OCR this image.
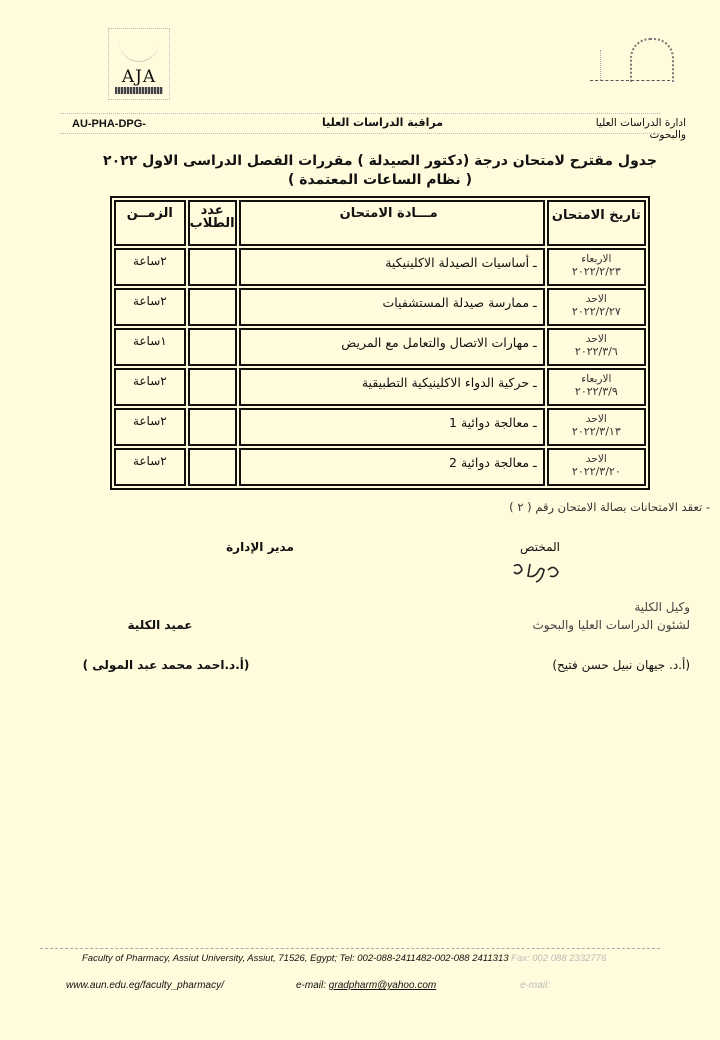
AJA
AU-PHA-DPG-	مراقبة الدراسات العليا	ادارة الدراسات العليا والبحوث
جدول مقترح لامتحان درجة (دكتور الصيدلة ) مقررات الفصل الدراسى الاول ٢٠٢٢
( نظام الساعات المعتمدة )
تاريخ الامتحان	مـــادة الامتحان	عدد الطلاب	الزمــن

الاربعاء
٢٠٢٢/٢/٢٣	ـ أساسيات الصيدلة الاكلينيكية		٢ساعة

الاحد
٢٠٢٢/٢/٢٧	ـ ممارسة صيدلة المستشفيات		٢ساعة

الاحد
٢٠٢٢/٣/٦	ـ مهارات الاتصال والتعامل مع المريض		١ساعة

الاربعاء
٢٠٢٢/٣/٩	ـ حركية الدواء الاكلينيكية التطبيقية		٢ساعة

الاحد
٢٠٢٢/٣/١٣	ـ معالجة دوائية 1		٢ساعة

الاحد
٢٠٢٢/٣/٢٠	ـ معالجة دوائية 2		٢ساعة
- تعقد الامتحانات بصالة الامتحان رقم ( ٢ )
المختص
مدير الإدارة
وكيل الكلية
لشئون الدراسات العليا والبحوث
عميد الكلية
(أ.د. جيهان نبيل حسن فتيح)
(أ.د.احمد محمد عبد المولى )
Faculty of Pharmacy, Assiut University, Assiut, 71526, Egypt; Tel: 002-088-2411482-002-088 2411313 Fax: 002 088 2332776
www.aun.edu.eg/faculty_pharmacy/	e-mail: gradpharm@yahoo.com	e-mail:
